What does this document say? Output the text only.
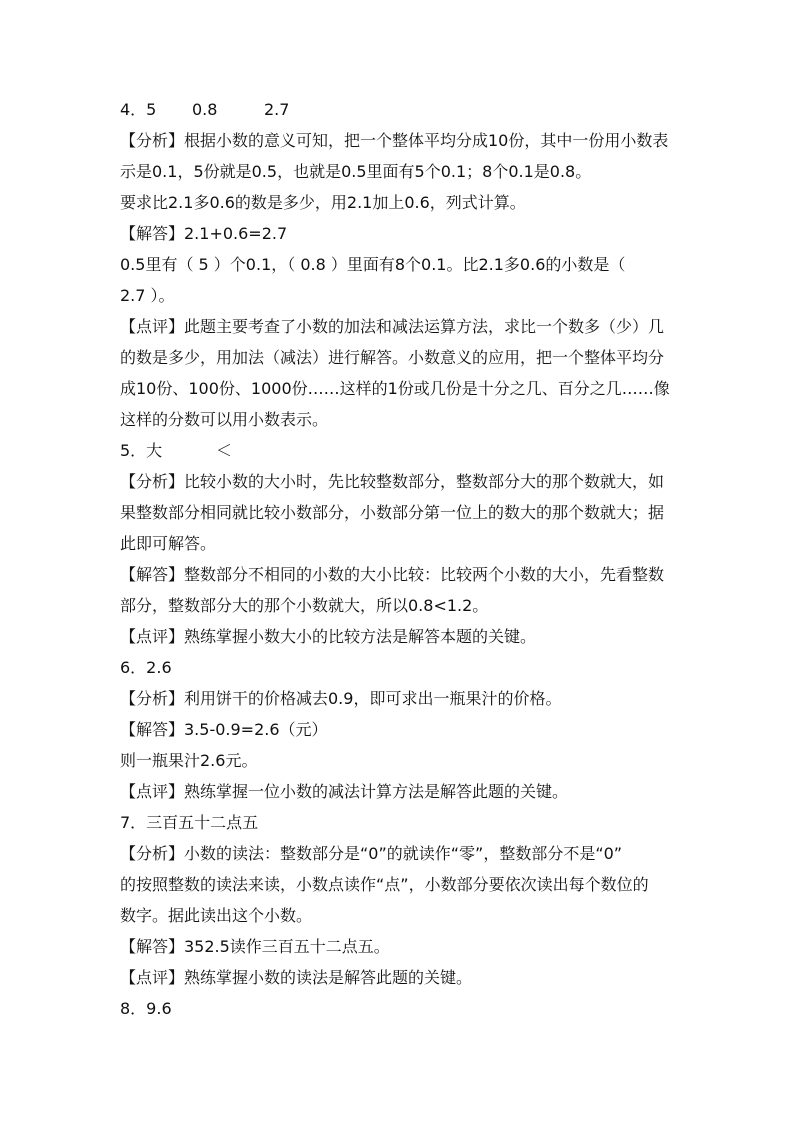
4．5 0.8	2.7
【分析】根据小数的意义可知，把一个整体平均分成10份，其中一份用小数表
示是0.1，5份就是0.5，也就是0.5里面有5个0.1；8个0.1是0.8。
要求比2.1多0.6的数是多少，用2.1加上0.6，列式计算。
【解答】2.1+0.6=2.7
0.5里有（ 5 ）个0.1，（ 0.8 ）里面有8个0.1。比2.1多0.6的小数是（
2.7 ）。
【点评】此题主要考查了小数的加法和减法运算方法，求比一个数多（少）几
的数是多少，用加法（减法）进行解答。小数意义的应用，把一个整体平均分
成10份、100份、1000份……这样的1份或几份是十分之几、百分之几……像
这样的分数可以用小数表示。
5．大	＜
【分析】比较小数的大小时，先比较整数部分，整数部分大的那个数就大，如
果整数部分相同就比较小数部分，小数部分第一位上的数大的那个数就大；据
此即可解答。
【解答】整数部分不相同的小数的大小比较：比较两个小数的大小，先看整数
部分，整数部分大的那个小数就大，所以0.8<1.2。
【点评】熟练掌握小数大小的比较方法是解答本题的关键。
6．2.6
【分析】利用饼干的价格减去0.9，即可求出一瓶果汁的价格。
【解答】3.5-0.9=2.6（元）
则一瓶果汁2.6元。
【点评】熟练掌握一位小数的减法计算方法是解答此题的关键。
7．三百五十二点五
【分析】小数的读法：整数部分是“0”的就读作“零”，整数部分不是“0”
的按照整数的读法来读，小数点读作“点”，小数部分要依次读出每个数位的
数字。据此读出这个小数。
【解答】352.5读作三百五十二点五。
【点评】熟练掌握小数的读法是解答此题的关键。
8．9.6
